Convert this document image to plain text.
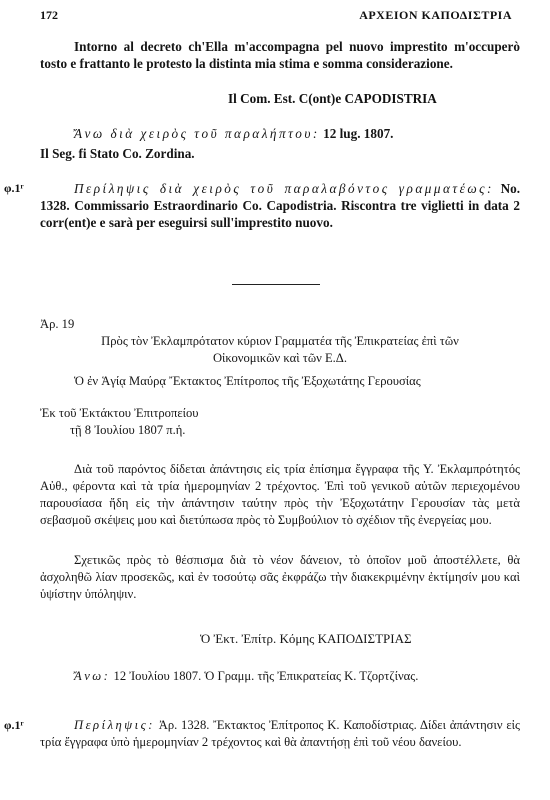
172	ΑΡΧΕΙΟΝ ΚΑΠΟΔΙΣΤΡΙΑ
Intorno al decreto ch'Ella m'accompagna pel nuovo imprestito m'occuperò tosto e frattanto le protesto la distinta mia stima e somma considerazione.
Il Com. Est. C(ont)e CAPODISTRIA
Ἄνω διὰ χειρὸς τοῦ παραλήπτου: 12 lug. 1807.
Il Seg. fi Stato Co. Zordina.
φ.1ʳ	Περίληψις διὰ χειρὸς τοῦ παραλαβόντος γραμματέως: No. 1328. Commissario Estraordinario Co. Capodistria. Riscontra tre viglietti in data 2 corr(ent)e e sarà per eseguirsi sull'imprestito nuovo.
Ἀρ. 19
Πρὸς τὸν Ἐκλαμπρότατον κύριον Γραμματέα τῆς Ἐπικρατείας ἐπὶ τῶν
Οἰκονομικῶν καὶ τῶν Ε.Δ.
Ὁ ἐν Ἁγίᾳ Μαύρᾳ Ἔκτακτος Ἐπίτροπος τῆς Ἐξοχωτάτης Γερουσίας
Ἐκ τοῦ Ἐκτάκτου Ἐπιτροπείου
τῇ 8 Ἰουλίου 1807 π.ἡ.
Διὰ τοῦ παρόντος δίδεται ἀπάντησις εἰς τρία ἐπίσημα ἔγγραφα τῆς Υ. Ἐκλαμπρότητός Αὐθ., φέροντα καὶ τὰ τρία ἡμερομηνίαν 2 τρέχοντος. Ἐπὶ τοῦ γενικοῦ αὐτῶν περιεχομένου παρουσίασα ἤδη εἰς τὴν ἀπάντησιν ταύτην πρὸς τὴν Ἐξοχωτάτην Γερουσίαν τὰς μετὰ σεβασμοῦ σκέψεις μου καὶ διετύπωσα πρὸς τὸ Συμβούλιον τὸ σχέδιον τῆς ἐνεργείας μου.
Σχετικῶς πρὸς τὸ θέσπισμα διὰ τὸ νέον δάνειον, τὸ ὁποῖον μοῦ ἀποστέλλετε, θὰ ἀσχοληθῶ λίαν προσεκῶς, καὶ ἐν τοσούτῳ σᾶς ἐκφράζω τὴν διακεκριμένην ἐκτίμησίν μου καὶ ὑψίστην ὑπόληψιν.
Ὁ Ἐκτ. Ἐπίτρ. Κόμης ΚΑΠΟΔΙΣΤΡΙΑΣ
Ἄνω: 12 Ἰουλίου 1807. Ὁ Γραμμ. τῆς Ἐπικρατείας Κ. Τζορτζίνας.
φ.1ʳ	Περίληψις: Ἀρ. 1328. Ἔκτακτος Ἐπίτροπος Κ. Καποδίστριας. Δίδει ἀπάντησιν εἰς τρία ἔγγραφα ὑπὸ ἡμερομηνίαν 2 τρέχοντος καὶ θὰ ἀπαντήσῃ ἐπὶ τοῦ νέου δανείου.
